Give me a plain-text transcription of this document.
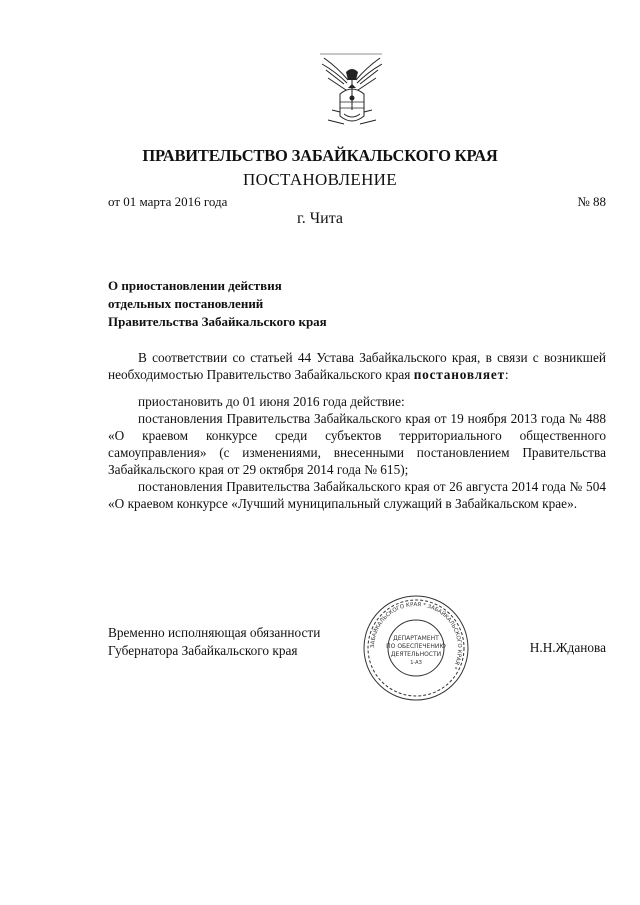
ПРАВИТЕЛЬСТВО ЗАБАЙКАЛЬСКОГО КРАЯ
ПОСТАНОВЛЕНИЕ
от 01 марта 2016 года	№ 88
г. Чита
О приостановлении действия
отдельных постановлений
Правительства Забайкальского края

В соответствии со статьей 44 Устава Забайкальского края, в связи с возникшей необходимостью Правительство Забайкальского края постановляет:

приостановить до 01 июня 2016 года действие:

постановления Правительства Забайкальского края от 19 ноября 2013 года № 488 «О краевом конкурсе среди субъектов территориального общественного самоуправления» (с изменениями, внесенными постановлением Правительства Забайкальского края от 29 октября 2014 года № 615);

постановления Правительства Забайкальского края от 26 августа 2014 года № 504 «О краевом конкурсе «Лучший муниципальный служащий в Забайкальском крае».

Временно исполняющая обязанности
Губернатора Забайкальского края
ДЕПАРТАМЕНТ
ПО ОБЕСПЕЧЕНИЮ
ДЕЯТЕЛЬНОСТИ
1-АЗ
ЗАБАЙКАЛЬСКОГО КРАЯ * ЗАБАЙКАЛЬСКОГО КРАЯ *
Н.Н.Жданова
